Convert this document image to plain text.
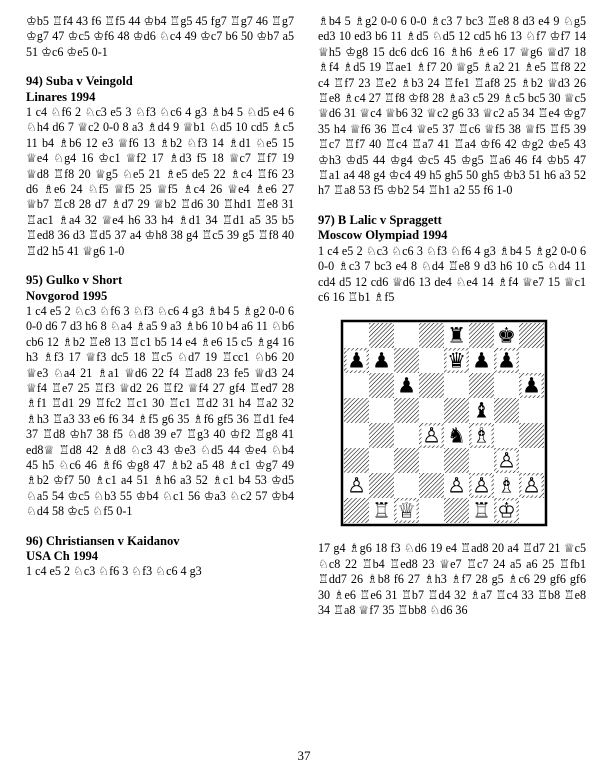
♔b5 ♖f4 43 f6 ♖f5 44 ♔b4 ♖g5 45 fg7 ♖g7 46 ♖g7 ♔g7 47 ♔c5 ♔f6 48 ♔d6 ♘c4 49 ♔c7 b6 50 ♔b7 a5 51 ♔c6 ♔e5 0-1

94) Suba v Veingold
Linares 1994

1 c4 ♘f6 2 ♘c3 e5 3 ♘f3 ♘c6 4 g3 ♗b4 5 ♘d5 e4 6 ♘h4 d6 7 ♕c2 0-0 8 a3 ♗d4 9 ♕b1 ♘d5 10 cd5 ♗c5 11 b4 ♗b6 12 e3 ♕f6 13 ♗b2 ♘f3 14 ♗d1 ♘e5 15 ♕e4 ♘g4 16 ♔c1 ♕f2 17 ♗d3 f5 18 ♕c7 ♖f7 19 ♕d8 ♖f8 20 ♕g5 ♘e5 21 ♗e5 de5 22 ♗c4 ♖f6 23 d6 ♗e6 24 ♘f5 ♕f5 25 ♕f5 ♗c4 26 ♕e4 ♗e6 27 ♕b7 ♖c8 28 d7 ♗d7 29 ♕b2 ♖d6 30 ♖hd1 ♖e8 31 ♖ac1 ♗a4 32 ♕e4 h6 33 h4 ♗d1 34 ♖d1 a5 35 b5 ♖ed8 36 d3 ♖d5 37 a4 ♔h8 38 g4 ♖c5 39 g5 ♖f8 40 ♖d2 h5 41 ♕g6 1-0

95) Gulko v Short
Novgorod 1995

1 c4 e5 2 ♘c3 ♘f6 3 ♘f3 ♘c6 4 g3 ♗b4 5 ♗g2 0-0 6 0-0 d6 7 d3 h6 8 ♘a4 ♗a5 9 a3 ♗b6 10 b4 a6 11 ♘b6 cb6 12 ♗b2 ♖e8 13 ♖c1 b5 14 e4 ♗e6 15 c5 ♗g4 16 h3 ♗f3 17 ♕f3 dc5 18 ♖c5 ♘d7 19 ♖cc1 ♘b6 20 ♕e3 ♘a4 21 ♗a1 ♕d6 22 f4 ♖ad8 23 fe5 ♕d3 24 ♕f4 ♖e7 25 ♖f3 ♕d2 26 ♖f2 ♕f4 27 gf4 ♖ed7 28 ♗f1 ♖d1 29 ♖fc2 ♖c1 30 ♖c1 ♖d2 31 h4 ♖a2 32 ♗h3 ♖a3 33 e6 f6 34 ♗f5 g6 35 ♗f6 gf5 36 ♖d1 fe4 37 ♖d8 ♔h7 38 f5 ♘d8 39 e7 ♖g3 40 ♔f2 ♖g8 41 ed8♕ ♖d8 42 ♗d8 ♘c3 43 ♔e3 ♘d5 44 ♔e4 ♘b4 45 h5 ♘c6 46 ♗f6 ♔g8 47 ♗b2 a5 48 ♗c1 ♔g7 49 ♗b2 ♔f7 50 ♗c1 a4 51 ♗h6 a3 52 ♗c1 b4 53 ♔d5 ♘a5 54 ♔c5 ♘b3 55 ♔b4 ♘c1 56 ♔a3 ♘c2 57 ♔b4 ♘d4 58 ♔c5 ♘f5 0-1

96) Christiansen v Kaidanov
USA Ch 1994

1 c4 e5 2 ♘c3 ♘f6 3 ♘f3 ♘c6 4 g3

♗b4 5 ♗g2 0-0 6 0-0 ♗c3 7 bc3 ♖e8 8 d3 e4 9 ♘g5 ed3 10 ed3 b6 11 ♗d5 ♘d5 12 cd5 h6 13 ♘f7 ♔f7 14 ♕h5 ♔g8 15 dc6 dc6 16 ♗h6 ♗e6 17 ♕g6 ♕d7 18 ♗f4 ♗d5 19 ♖ae1 ♗f7 20 ♕g5 ♗a2 21 ♗e5 ♖f8 22 c4 ♖f7 23 ♖e2 ♗b3 24 ♖fe1 ♖af8 25 ♗b2 ♕d3 26 ♖e8 ♗c4 27 ♖f8 ♔f8 28 ♗a3 c5 29 ♗c5 bc5 30 ♕c5 ♕d6 31 ♕c4 ♕b6 32 ♕c2 g6 33 ♕c2 a5 34 ♖e4 ♔g7 35 h4 ♕f6 36 ♖c4 ♕e5 37 ♖c6 ♕f5 38 ♕f5 ♖f5 39 ♖c7 ♖f7 40 ♖c4 ♖a7 41 ♖a4 ♔f6 42 ♔g2 ♔e5 43 ♔h3 ♔d5 44 ♔g4 ♔c5 45 ♔g5 ♖a6 46 f4 ♔b5 47 ♖a1 a4 48 g4 ♔c4 49 h5 gh5 50 gh5 ♔b3 51 h6 a3 52 h7 ♖a8 53 f5 ♔b2 54 ♖h1 a2 55 f6 1-0

97) B Lalic v Spraggett
Moscow Olympiad 1994

1 c4 e5 2 ♘c3 ♘c6 3 ♘f3 ♘f6 4 g3 ♗b4 5 ♗g2 0-0 6 0-0 ♗c3 7 bc3 e4 8 ♘d4 ♖e8 9 d3 h6 10 c5 ♘d4 11 cd4 d5 12 cd6 ♕d6 13 de4 ♘e4 14 ♗f4 ♕e7 15 ♕c1 c6 16 ♖b1 ♗f5

♜ ♚
♟ ♟	♛ ♟ ♟
♟	♟
♝
♙ ♞ ♗
♙
♙	♙ ♙ ♗ ♙
♖ ♕	♖ ♔

17 g4 ♗g6 18 f3 ♘d6 19 e4 ♖ad8 20 a4 ♖d7 21 ♕c5 ♘c8 22 ♖b4 ♖ed8 23 ♕e7 ♖c7 24 a5 a6 25 ♖fb1 ♖dd7 26 ♗b8 f6 27 ♗h3 ♗f7 28 g5 ♗c6 29 gf6 gf6 30 ♗e6 ♖e6 31 ♖b7 ♖d4 32 ♗a7 ♖c4 33 ♖b8 ♖e8 34 ♖a8 ♕f7 35 ♖bb8 ♘d6 36

37
